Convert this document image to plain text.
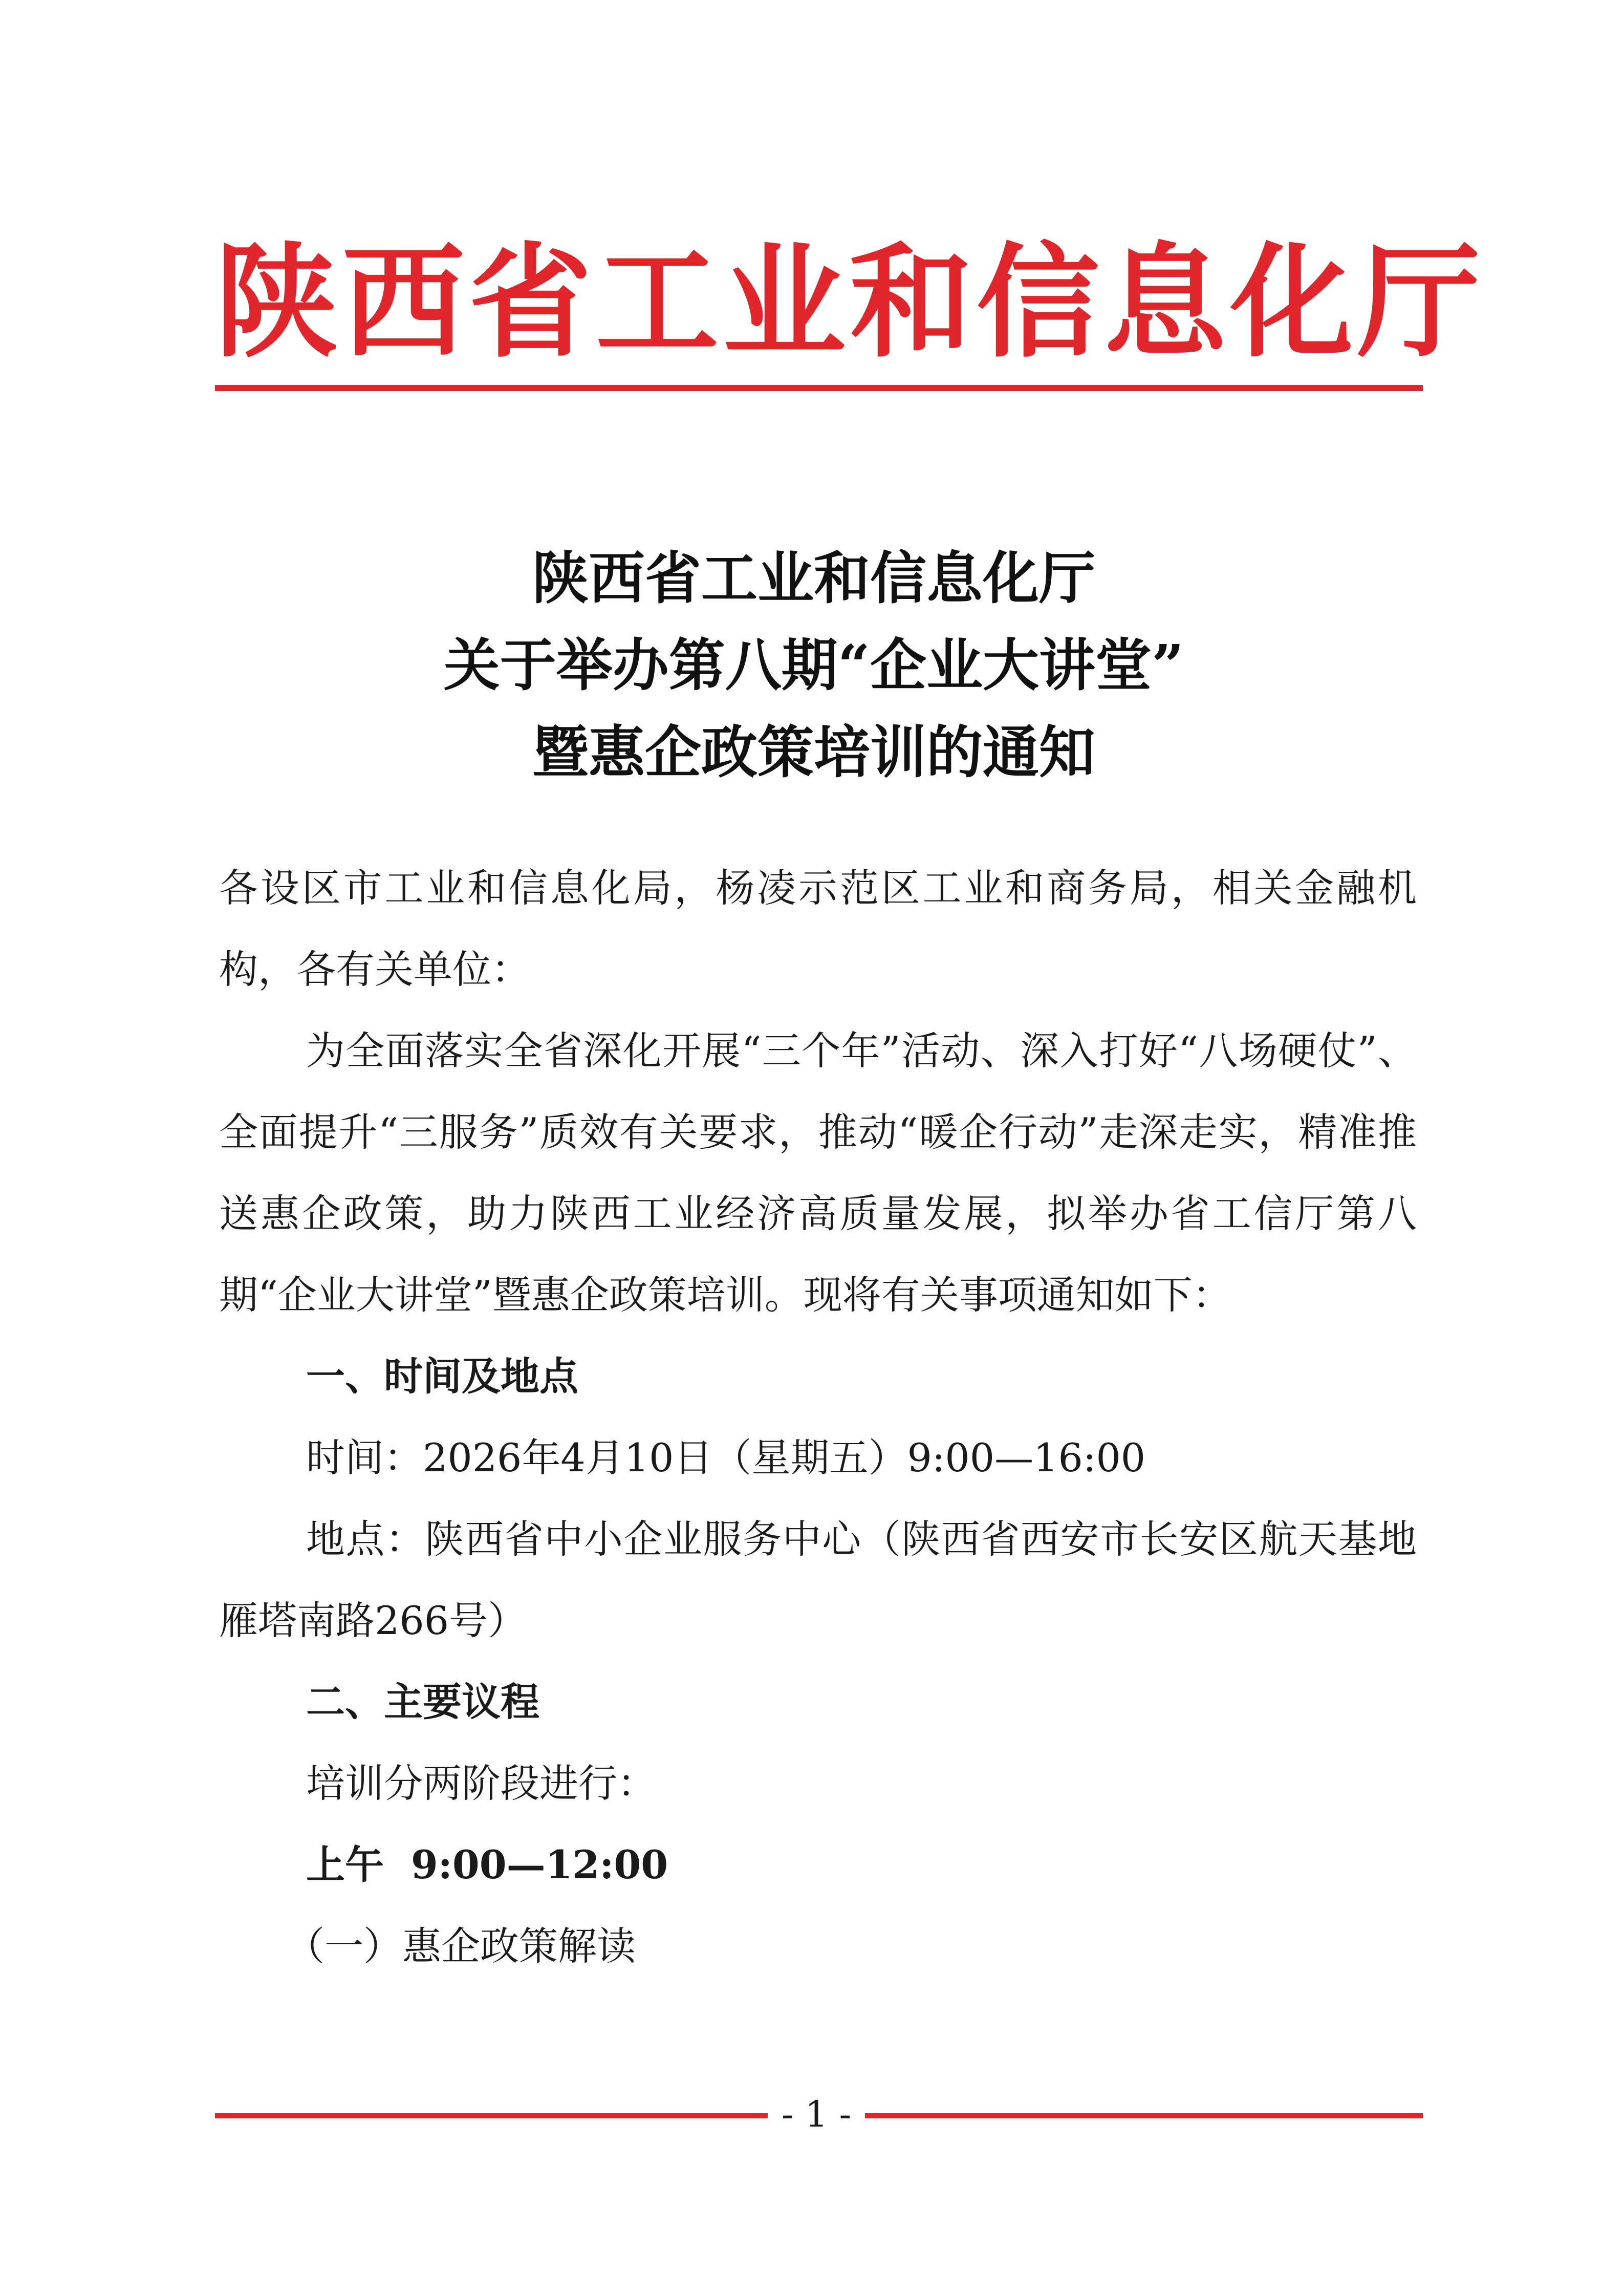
陕西省工业和信息化厅
陕西省工业和信息化厅
关于举办第八期“企业大讲堂”
暨惠企政策培训的通知

各设区市工业和信息化局，杨凌示范区工业和商务局，相关金融机构，各有关单位：

为全面落实全省深化开展“三个年”活动、深入打好“八场硬仗”、全面提升“三服务”质效有关要求，推动“暖企行动”走深走实，精准推送惠企政策，助力陕西工业经济高质量发展，拟举办省工信厅第八期“企业大讲堂”暨惠企政策培训。现将有关事项通知如下：

一、时间及地点

时间：2026年4月10日（星期五）9:00—16:00

地点：陕西省中小企业服务中心（陕西省西安市长安区航天基地雁塔南路266号）

二、主要议程

培训分两阶段进行：

上午  9:00—12:00

（一）惠企政策解读

- 1 -
